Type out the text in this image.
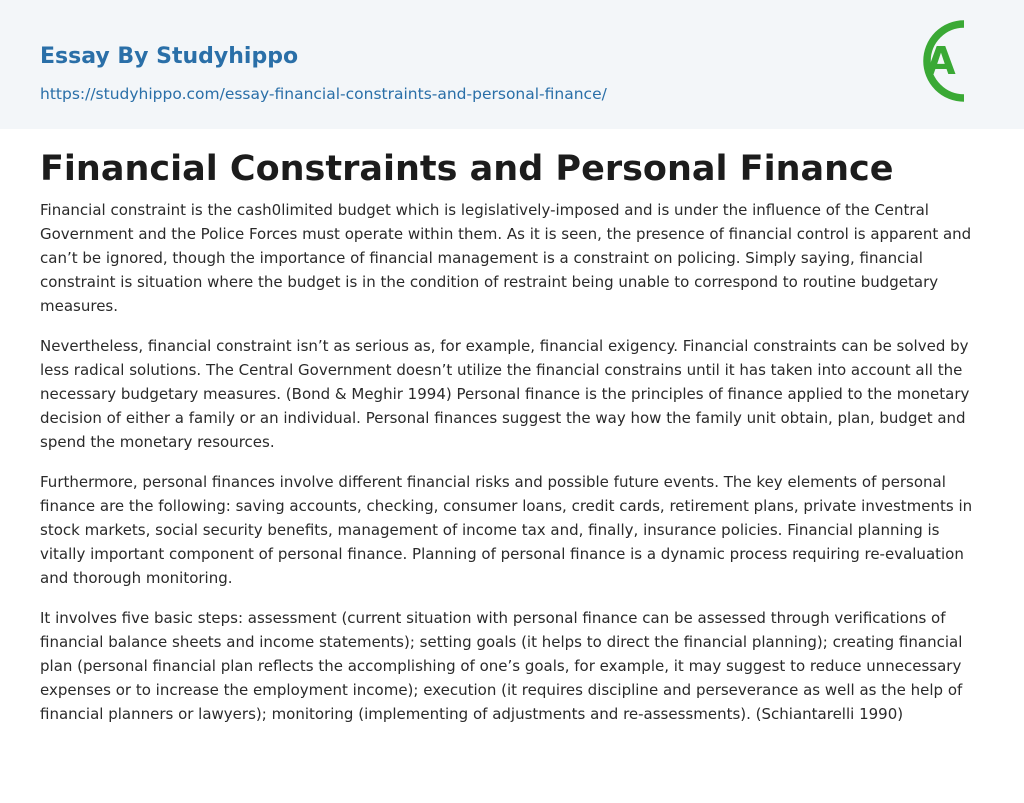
Essay By Studyhippo
https://studyhippo.com/essay-financial-constraints-and-personal-finance/
A
Financial Constraints and Personal Finance

Financial constraint is the cash0limited budget which is legislatively-imposed and is under the influence of the Central Government and the Police Forces must operate within them. As it is seen, the presence of financial control is apparent and can’t be ignored, though the importance of financial management is a constraint on policing. Simply saying, financial constraint is situation where the budget is in the condition of restraint being unable to correspond to routine budgetary measures.

Nevertheless, financial constraint isn’t as serious as, for example, financial exigency. Financial constraints can be solved by less radical solutions. The Central Government doesn’t utilize the financial constrains until it has taken into account all the necessary budgetary measures. (Bond & Meghir 1994) Personal finance is the principles of finance applied to the monetary decision of either a family or an individual. Personal finances suggest the way how the family unit obtain, plan, budget and spend the monetary resources.

Furthermore, personal finances involve different financial risks and possible future events. The key elements of personal finance are the following: saving accounts, checking, consumer loans, credit cards, retirement plans, private investments in stock markets, social security benefits, management of income tax and, finally, insurance policies. Financial planning is vitally important component of personal finance. Planning of personal finance is a dynamic process requiring re-evaluation and thorough monitoring.

It involves five basic steps: assessment (current situation with personal finance can be assessed through verifications of financial balance sheets and income statements); setting goals (it helps to direct the financial planning); creating financial plan (personal financial plan reflects the accomplishing of one’s goals, for example, it may suggest to reduce unnecessary expenses or to increase the employment income); execution (it requires discipline and perseverance as well as the help of financial planners or lawyers); monitoring (implementing of adjustments and re-assessments). (Schiantarelli 1990)
